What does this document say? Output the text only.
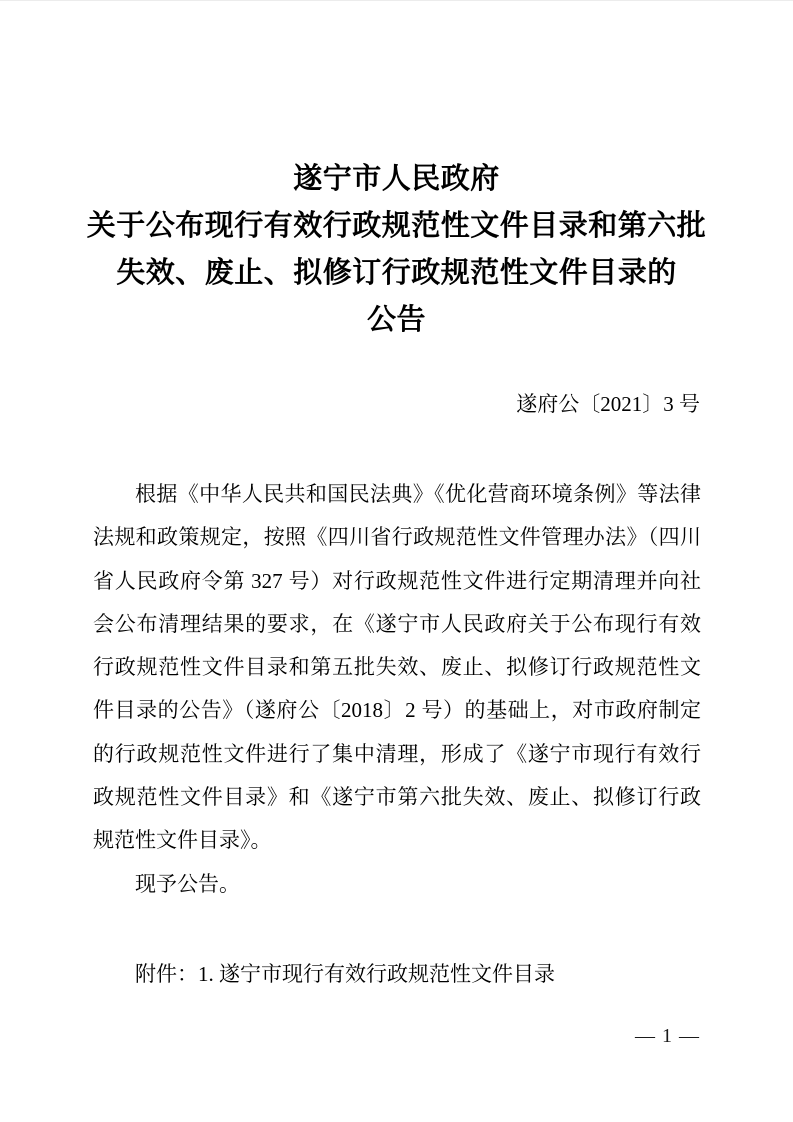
遂宁市人民政府
关于公布现行有效行政规范性文件目录和第六批
失效、废止、拟修订行政规范性文件目录的
公告
遂府公〔2021〕3 号

根据《中华人民共和国民法典》《优化营商环境条例》等法律法规和政策规定，按照《四川省行政规范性文件管理办法》（四川省人民政府令第 327 号）对行政规范性文件进行定期清理并向社会公布清理结果的要求，在《遂宁市人民政府关于公布现行有效行政规范性文件目录和第五批失效、废止、拟修订行政规范性文件目录的公告》（遂府公〔2018〕2 号）的基础上，对市政府制定的行政规范性文件进行了集中清理，形成了《遂宁市现行有效行政规范性文件目录》和《遂宁市第六批失效、废止、拟修订行政规范性文件目录》。

现予公告。

附件：1. 遂宁市现行有效行政规范性文件目录
— 1 —
